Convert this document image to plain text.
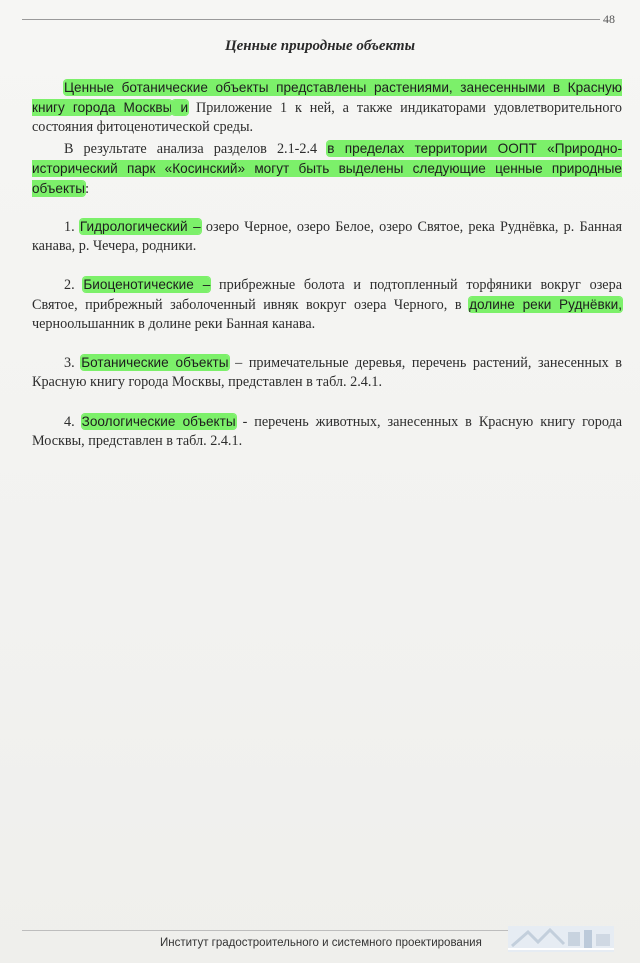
48
Ценные природные объекты
Ценные ботанические объекты представлены растениями, занесенными в Красную книгу города Москвы и Приложение 1 к ней, а также индикаторами удовлетворительного состояния фитоценотической среды.
В результате анализа разделов 2.1-2.4 в пределах территории ООПТ «Природно-исторический парк «Косинский» могут быть выделены следующие ценные природные объекты:
1. Гидрологический – озеро Черное, озеро Белое, озеро Святое, река Руднëвка, р. Банная канава, р. Чечера, родники.
2. Биоценотические – прибрежные болота и подтопленный торфяники вокруг озера Святое, прибрежный заболоченный ивняк вокруг озера Черного, в долине реки Руднёвки, черноольшанник в долине реки Банная канава.
3. Ботанические объекты – примечательные деревья, перечень растений, занесенных в Красную книгу города Москвы, представлен в табл. 2.4.1.
4. Зоологические объекты - перечень животных, занесенных в Красную книгу города Москвы, представлен в табл. 2.4.1.
Институт градостроительного и системного проектирования
